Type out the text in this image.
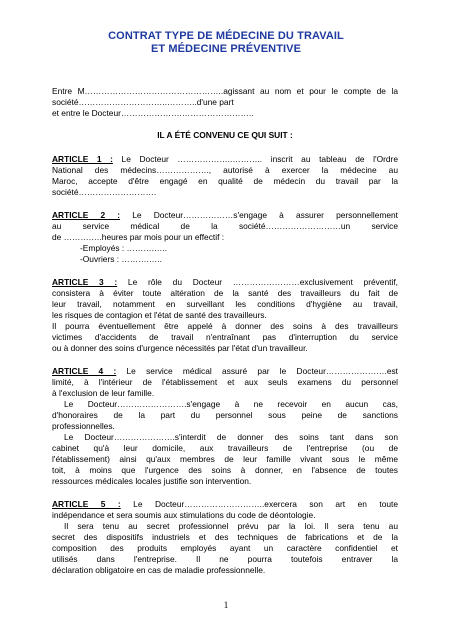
CONTRAT TYPE DE MÉDECINE DU TRAVAIL
ET MÉDECINE PRÉVENTIVE
Entre M…………………………………………..agissant au nom et pour le compte de la
société…………………………..………..d'une part
et entre le Docteur………………….……………………..
IL A ÉTÉ CONVENU CE QUI SUIT :
ARTICLE 1 : Le Docteur ………………..……….. inscrit au tableau de l'Ordre
National des médecins………………., autorisé à exercer la médecine au
Maroc, accepte d'être engagé en qualité de médecin du travail par la
société……………………….
ARTICLE 2 : Le Docteur………………s'engage à assurer personnellement
au service médical de la société………………………un service
de ……….….heures par mois pour un effectif :
-Employés : ……….…..
-Ouvriers : ……….…..
ARTICLE 3 : Le rôle du Docteur ……………………exclusivement préventif,
consistera à éviter toute altération de la santé des travailleurs du fait de
leur travail, notamment en surveillant les conditions d'hygiène au travail,
les risques de contagion et l'état de santé des travailleurs.
Il pourra éventuellement être appelé à donner des soins à des travailleurs
victimes d'accidents de travail n'entraînant pas d'interruption du service
ou à donner des soins d'urgence nécessités par l'état d'un travailleur.
ARTICLE 4 : Le service médical assuré par le Docteur………………….est
limité, à l'intérieur de l'établissement et aux seuls examens du personnel
à l'exclusion de leur famille.
Le Docteur…………………….s'engage à ne recevoir en aucun cas,
d'honoraires de la part du personnel sous peine de sanctions
professionnelles.
Le Docteur………………….s'interdit de donner des soins tant dans son
cabinet qu'à leur domicile, aux travailleurs de l'entreprise (ou de
l'établissement) ainsi qu'aux membres de leur famille vivant sous le même
toit, à moins que l'urgence des soins à donner, en l'absence de toutes
ressources médicales locales justifie son intervention.
ARTICLE 5 : Le Docteur………………………..exercera son art en toute
indépendance et sera soumis aux stimulations du code de déontologie.
Il sera tenu au secret professionnel prévu par la loi. Il sera tenu au
secret des dispositifs industriels et des techniques de fabrications et de la
composition des produits employés ayant un caractère confidentiel et
utilisés dans l'entreprise. Il ne pourra toutefois entraver la
déclaration obligatoire en cas de maladie professionnelle.
1
